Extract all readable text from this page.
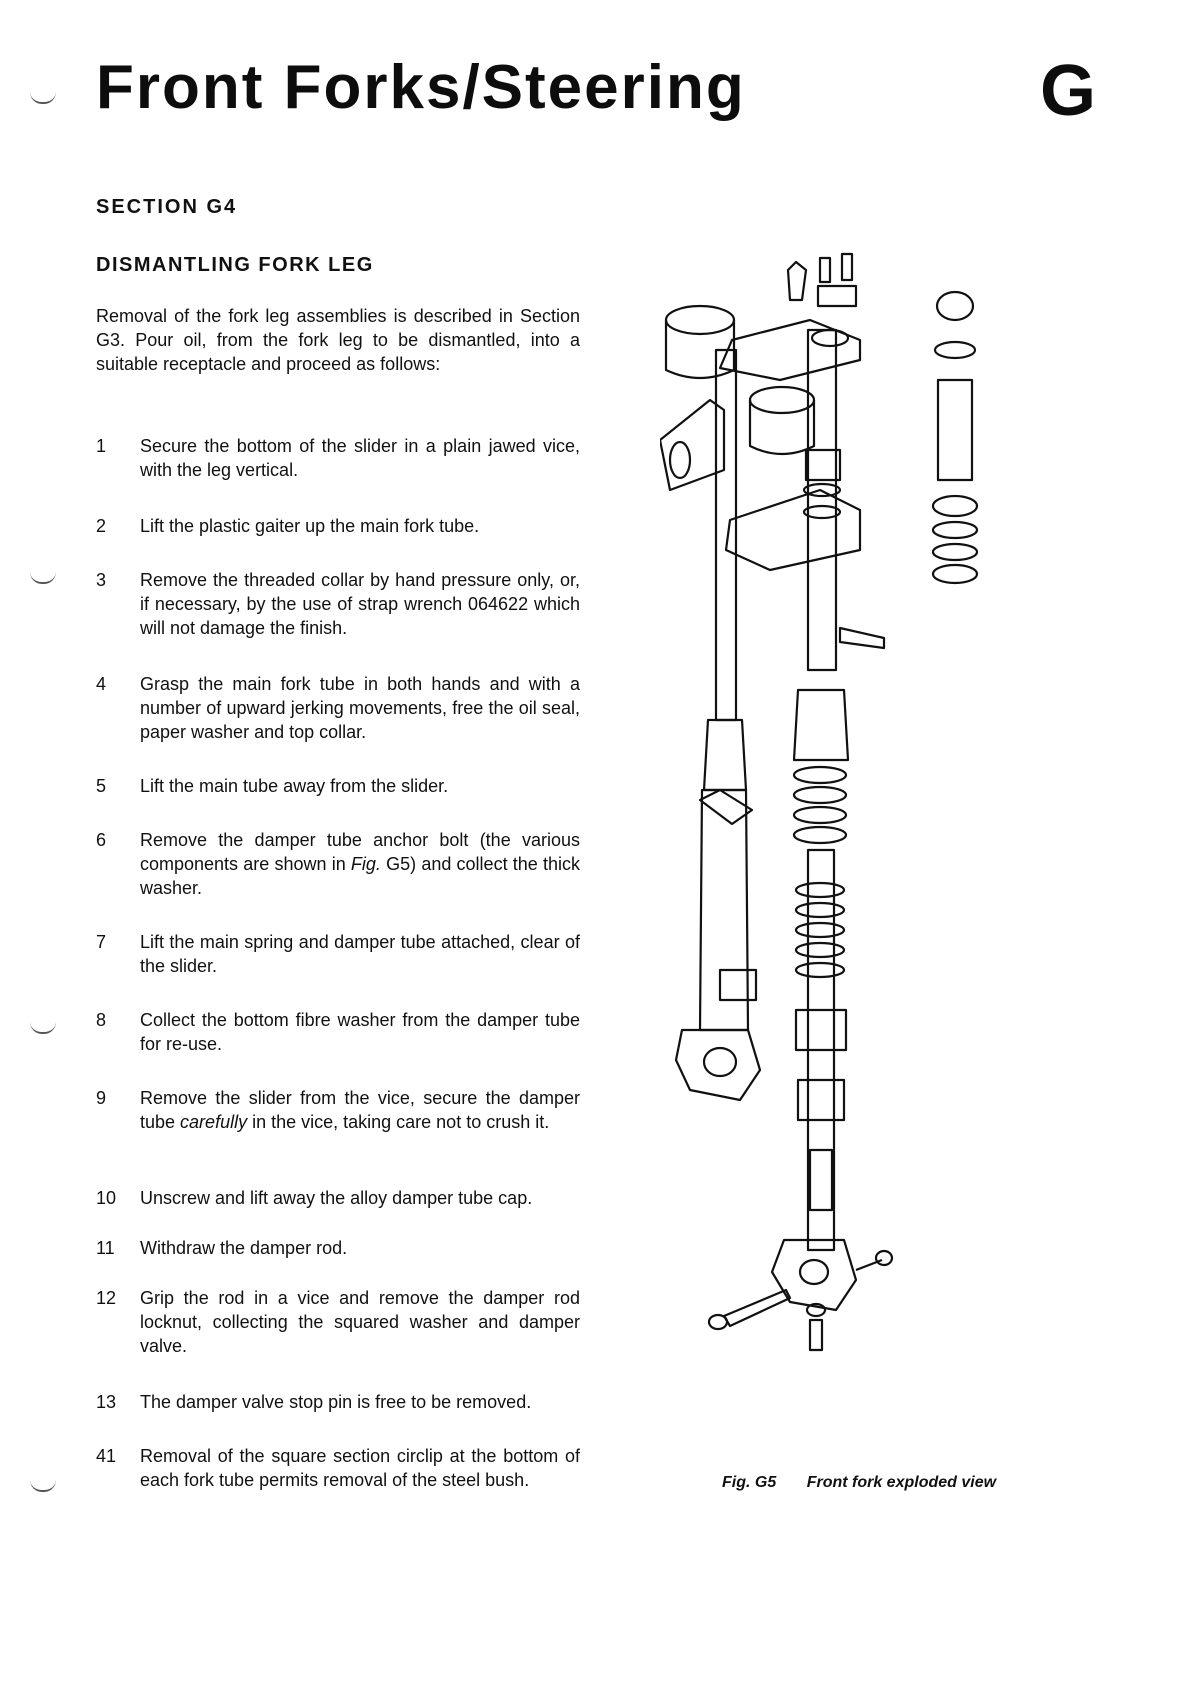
Front Forks/Steering	G
SECTION G4
DISMANTLING FORK LEG

Removal of the fork leg assemblies is described in Section G3. Pour oil, from the fork leg to be dismantled, into a suitable receptacle and proceed as follows:

1	Secure the bottom of the slider in a plain jawed vice, with the leg vertical.
2	Lift the plastic gaiter up the main fork tube.
3	Remove the threaded collar by hand pressure only, or, if necessary, by the use of strap wrench 064622 which will not damage the finish.
4	Grasp the main fork tube in both hands and with a number of upward jerking movements, free the oil seal, paper washer and top collar.
5	Lift the main tube away from the slider.
6	Remove the damper tube anchor bolt (the various components are shown in Fig. G5) and collect the thick washer.
7	Lift the main spring and damper tube attached, clear of the slider.
8	Collect the bottom fibre washer from the damper tube for re-use.
9	Remove the slider from the vice, secure the damper tube carefully in the vice, taking care not to crush it.
10	Unscrew and lift away the alloy damper tube cap.
11	Withdraw the damper rod.
12	Grip the rod in a vice and remove the damper rod locknut, collecting the squared washer and damper valve.
13	The damper valve stop pin is free to be removed.
41	Removal of the square section circlip at the bottom of each fork tube permits removal of the steel bush.	Fig. G5 Front fork exploded view
